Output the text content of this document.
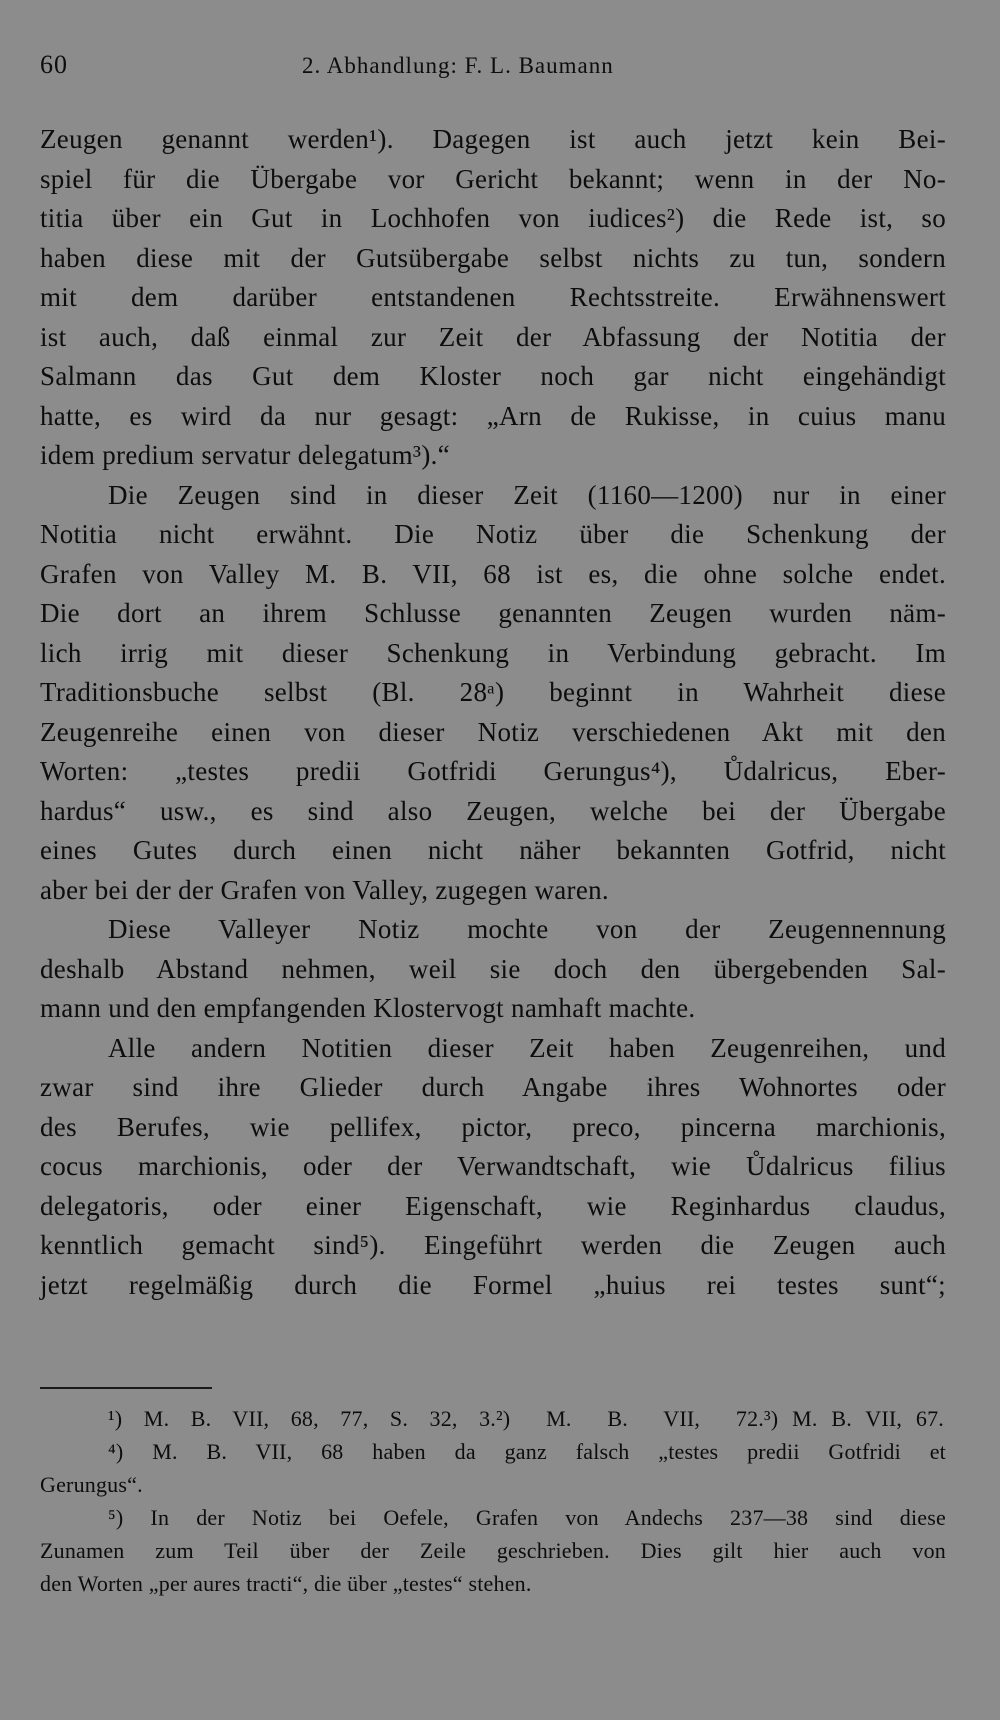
60	2. Abhandlung: F. L. Baumann
Zeugen genannt werden¹). Dagegen ist auch jetzt kein Bei-
spiel für die Übergabe vor Gericht bekannt; wenn in der No-
titia über ein Gut in Lochhofen von iudices²) die Rede ist, so
haben diese mit der Gutsübergabe selbst nichts zu tun, sondern
mit dem darüber entstandenen Rechtsstreite. Erwähnenswert
ist auch, daß einmal zur Zeit der Abfassung der Notitia der
Salmann das Gut dem Kloster noch gar nicht eingehändigt
hatte, es wird da nur gesagt: „Arn de Rukisse, in cuius manu
idem predium servatur delegatum³).“
Die Zeugen sind in dieser Zeit (1160—1200) nur in einer
Notitia nicht erwähnt. Die Notiz über die Schenkung der
Grafen von Valley M. B. VII, 68 ist es, die ohne solche endet.
Die dort an ihrem Schlusse genannten Zeugen wurden näm-
lich irrig mit dieser Schenkung in Verbindung gebracht. Im
Traditionsbuche selbst (Bl. 28ᵃ) beginnt in Wahrheit diese
Zeugenreihe einen von dieser Notiz verschiedenen Akt mit den
Worten: „testes predii Gotfridi Gerungus⁴), Ůdalricus, Eber-
hardus“ usw., es sind also Zeugen, welche bei der Übergabe
eines Gutes durch einen nicht näher bekannten Gotfrid, nicht
aber bei der der Grafen von Valley, zugegen waren.
Diese Valleyer Notiz mochte von der Zeugennennung
deshalb Abstand nehmen, weil sie doch den übergebenden Sal-
mann und den empfangenden Klostervogt namhaft machte.
Alle andern Notitien dieser Zeit haben Zeugenreihen, und
zwar sind ihre Glieder durch Angabe ihres Wohnortes oder
des Berufes, wie pellifex, pictor, preco, pincerna marchionis,
cocus marchionis, oder der Verwandtschaft, wie Ůdalricus filius
delegatoris, oder einer Eigenschaft, wie Reginhardus claudus,
kenntlich gemacht sind⁵). Eingeführt werden die Zeugen auch
jetzt regelmäßig durch die Formel „huius rei testes sunt“;
¹) M. B. VII, 68, 77, S. 32, 3. ²) M. B. VII, 72. ³) M. B. VII, 67.
⁴) M. B. VII, 68 haben da ganz falsch „testes predii Gotfridi et
Gerungus“.
⁵) In der Notiz bei Oefele, Grafen von Andechs 237—38 sind diese
Zunamen zum Teil über der Zeile geschrieben. Dies gilt hier auch von
den Worten „per aures tracti“, die über „testes“ stehen.
